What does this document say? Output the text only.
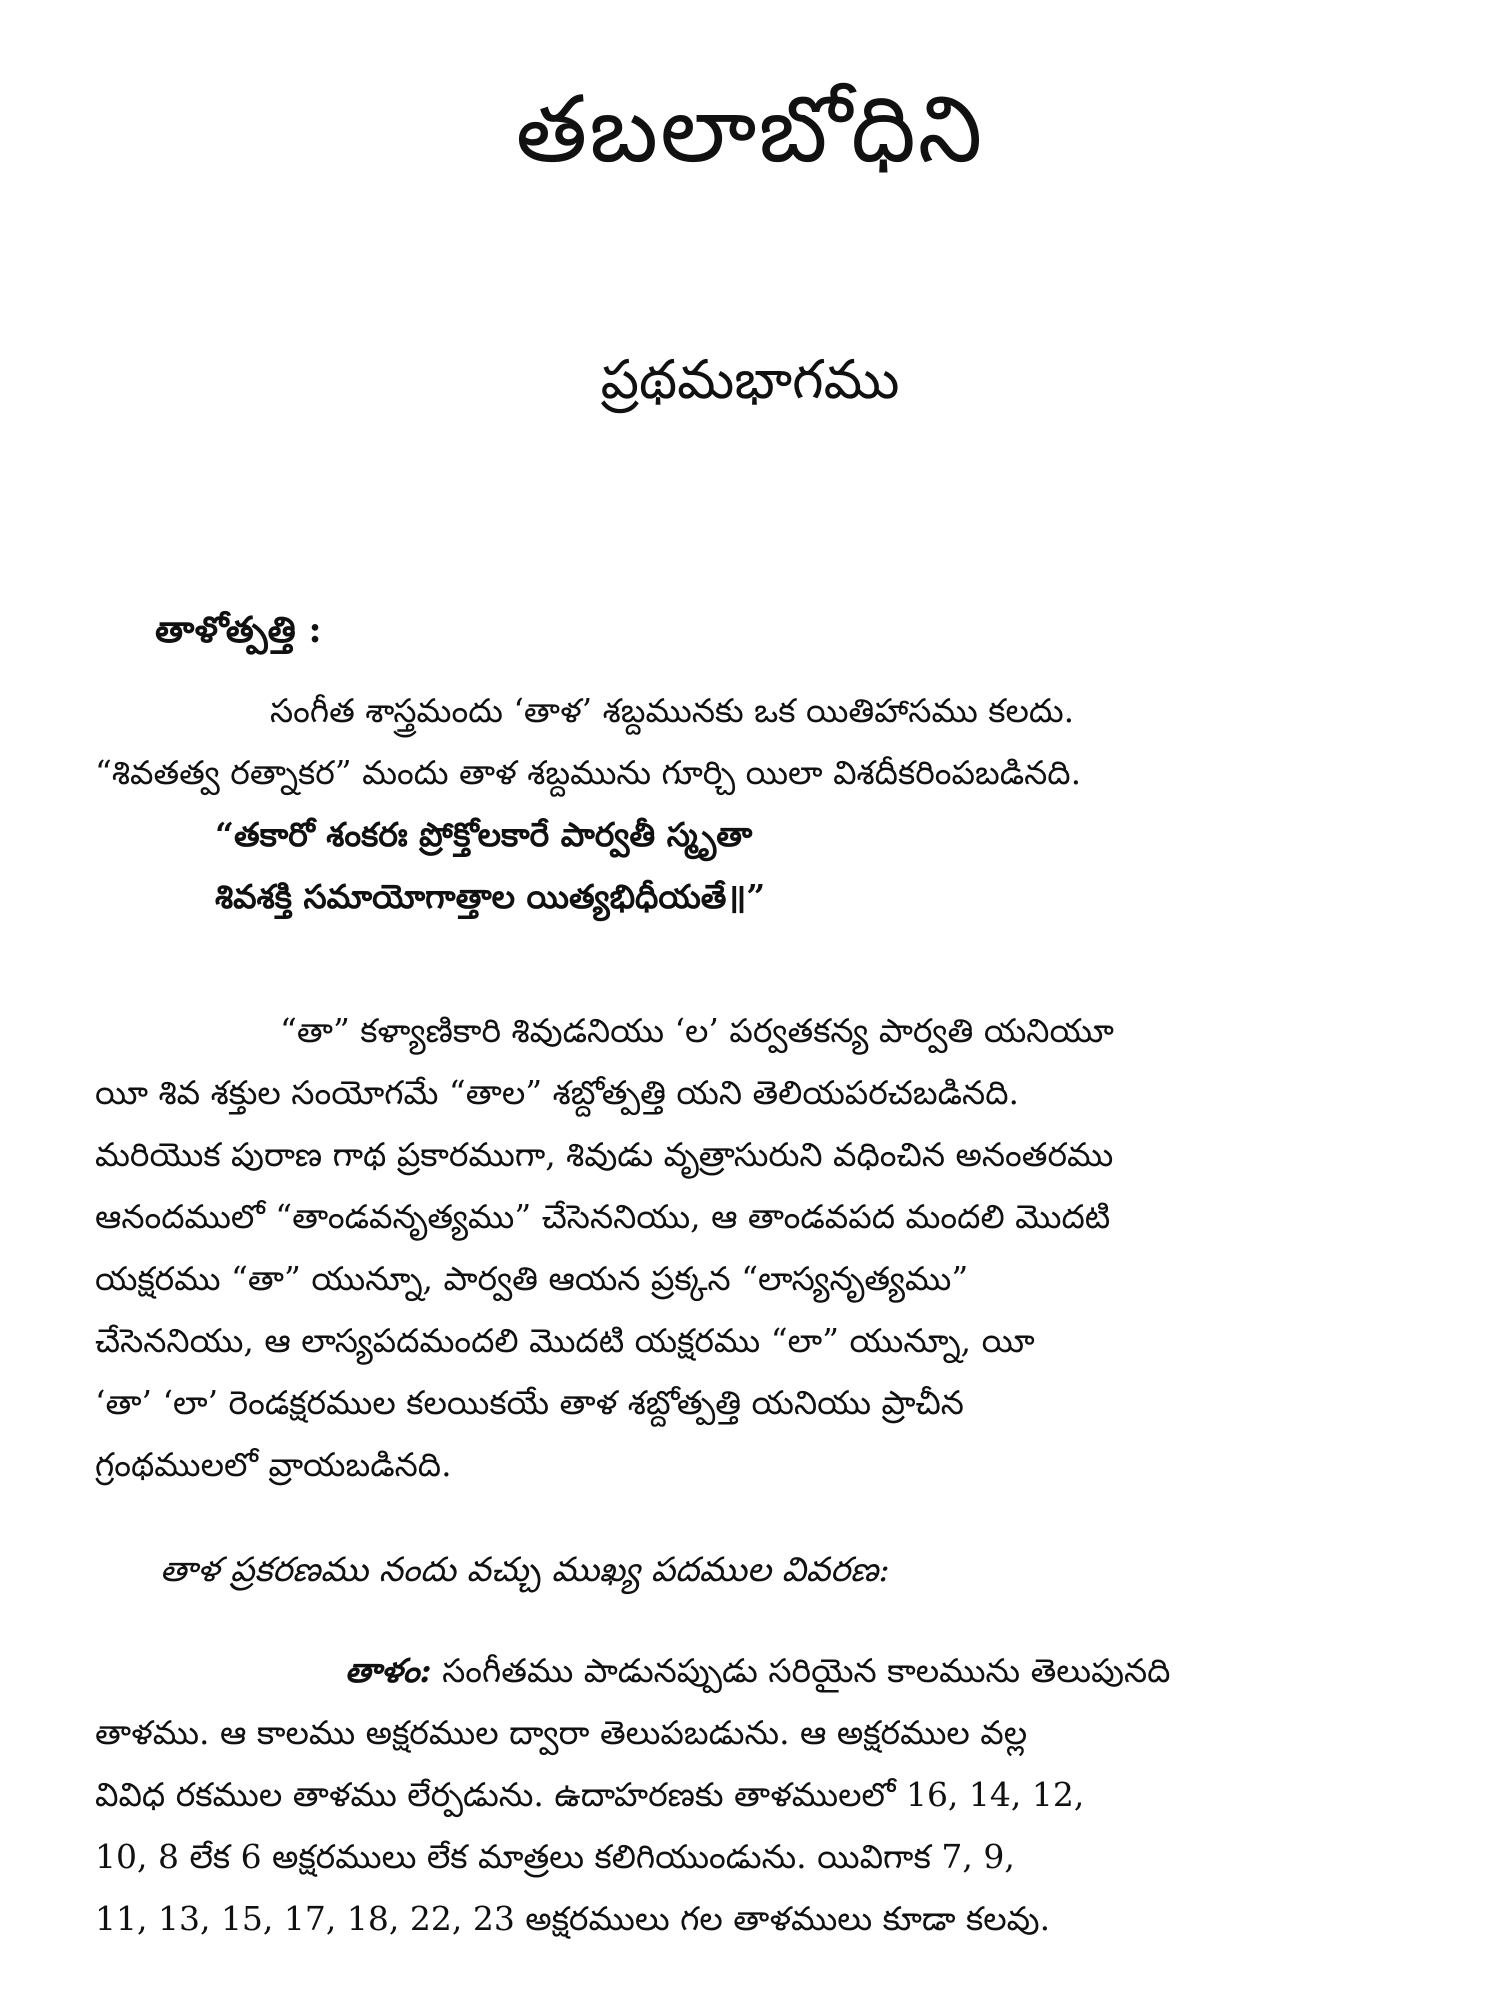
తబలాబోధిని
ప్రథమభాగము
తాళోత్పత్తి :
సంగీత శాస్త్రమందు ‘తాళ’ శబ్దమునకు ఒక యితిహాసము కలదు.
“శివతత్వ రత్నాకర” మందు తాళ శబ్దమును గూర్చి యిలా విశదీకరింపబడినది.
“తకారో శంకరః ప్రోక్తోలకారే పార్వతీ స్మృతా
శివశక్తి సమాయోగాత్తాల యిత్యభిధీయతే॥”
“తా” కళ్యాణికారి శివుడనియు ‘ల’ పర్వతకన్య పార్వతి యనియూ
యీ శివ శక్తుల సంయోగమే “తాల” శబ్దోత్పత్తి యని తెలియపరచబడినది.
మరియొక పురాణ గాథ ప్రకారముగా, శివుడు వృత్రాసురుని వధించిన అనంతరము
ఆనందములో “తాండవనృత్యము” చేసెననియు, ఆ తాండవపద మందలి మొదటి
యక్షరము “తా” యున్నూ, పార్వతి ఆయన ప్రక్కన “లాస్యనృత్యము”
చేసెననియు, ఆ లాస్యపదమందలి మొదటి యక్షరము “లా” యున్నూ, యీ
‘తా’ ‘లా’ రెండక్షరముల కలయికయే తాళ శబ్దోత్పత్తి యనియు ప్రాచీన
గ్రంథములలో వ్రాయబడినది.
తాళ ప్రకరణము నందు వచ్చు ముఖ్య పదముల వివరణ:
తాళం: సంగీతము పాడునప్పుడు సరియైన కాలమును తెలుపునది
తాళము. ఆ కాలము అక్షరముల ద్వారా తెలుపబడును. ఆ అక్షరముల వల్ల
వివిధ రకముల తాళము లేర్పడును. ఉదాహరణకు తాళములలో 16, 14, 12,
10, 8 లేక 6 అక్షరములు లేక మాత్రలు కలిగియుండును. యివిగాక 7, 9,
11, 13, 15, 17, 18, 22, 23 అక్షరములు గల తాళములు కూడా కలవు.
